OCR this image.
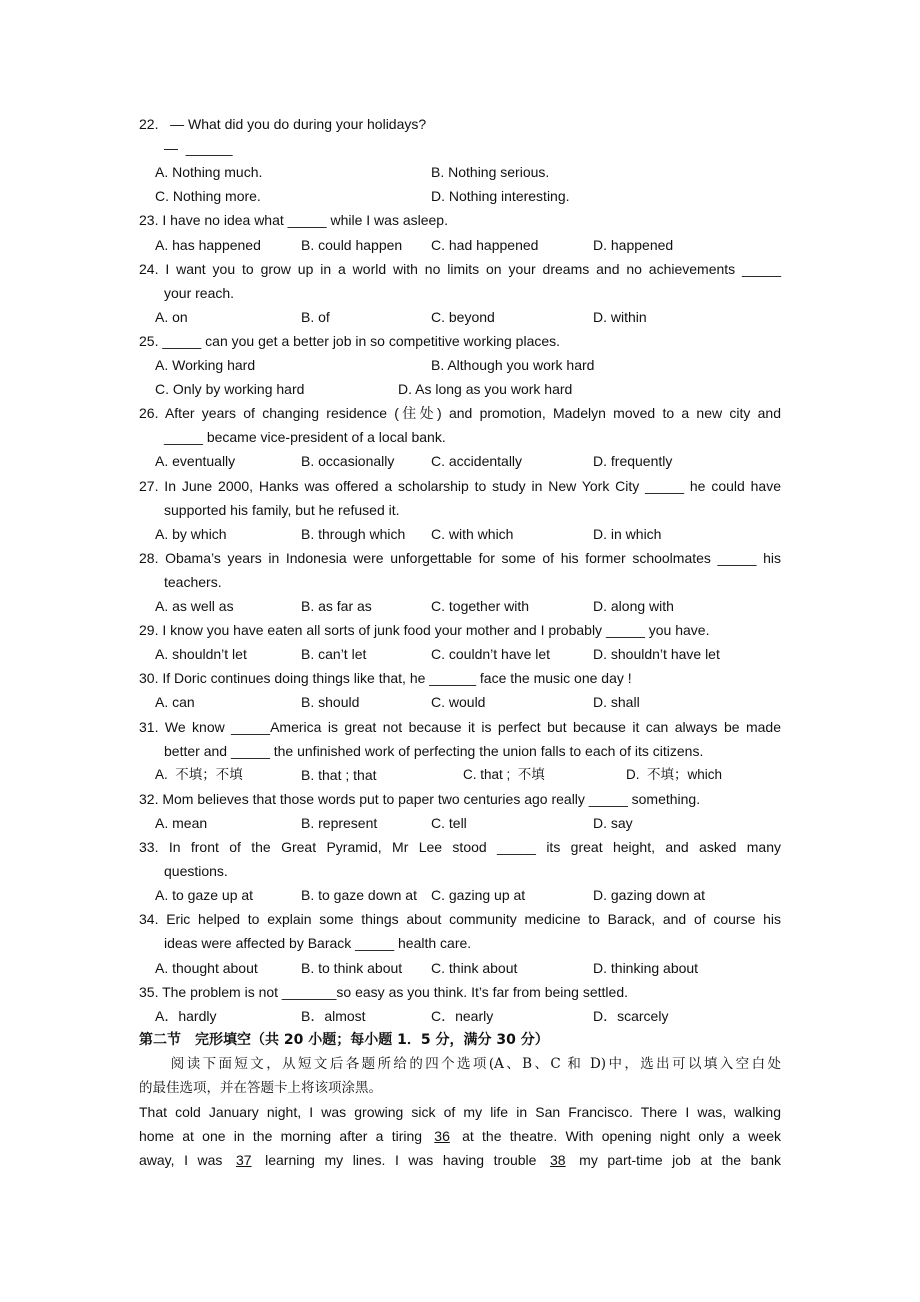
22.   — What did you do during your holidays?
—  ______
A. Nothing much.	B. Nothing serious.
C. Nothing more.	D. Nothing interesting.
23. I have no idea what _____ while I was asleep.
A. has happened	B. could happen C. had happened	D. happened
24. I want you to grow up in a world with no limits on your dreams and no achievements _____
your reach.
A. on	B. of	C. beyond	D. within
25. _____ can you get a better job in so competitive working places.
A. Working hard	B. Although you work hard
C. Only by working hard	D. As long as you work hard
26. After years of changing residence (住处) and promotion, Madelyn moved to a new city and
_____ became vice-president of a local bank.
A. eventually	B. occasionally	C. accidentally	D. frequently
27. In June 2000, Hanks was offered a scholarship to study in New York City _____ he could have
supported his family, but he refused it.
A. by which	B. through which C. with which	D. in which
28. Obama’s years in Indonesia were unforgettable for some of his former schoolmates _____ his
teachers.
A. as well as	B. as far as	C. together with	D. along with
29. I know you have eaten all sorts of junk food your mother and I probably _____ you have.
A. shouldn’t let	B. can’t let	C. couldn’t have let	D. shouldn’t have let
30. If Doric continues doing things like that, he ______ face the music one day !
A. can	B. should	C. would	D. shall
31. We know _____America is great not because it is perfect but because it can always be made
better and _____ the unfinished work of perfecting the union falls to each of its citizens.
A.  不填；不填	B. that ; that	C. that ;  不填	D.  不填；which
32. Mom believes that those words put to paper two centuries ago really _____ something.
A. mean	B. represent	C. tell	D. say
33. In front of the Great Pyramid, Mr Lee stood _____ its great height, and asked many
questions.
A. to gaze up at	B. to gaze down at C. gazing up at	D. gazing down at
34. Eric helped to explain some things about community medicine to Barack, and of course his
ideas were affected by Barack _____ health care.
A. thought about	B. to think about C. think about	D. thinking about
35. The problem is not _______so easy as you think. It’s far from being settled.
A．hardly	B．almost	C．nearly	D．scarcely
第二节　完形填空（共 20 小题；每小题 1．5 分，满分 30 分）
　　阅读下面短文，从短文后各题所给的四个选项(A、B、C 和 D)中，选出可以填入空白处
的最佳选项，并在答题卡上将该项涂黑。
That cold January night, I was growing sick of my life in San Francisco. There I was, walking
home at one in the morning after a tiring 36 at the theatre. With opening night only a week
away, I was 37 learning my lines. I was having trouble 38 my part-time job at the bank
